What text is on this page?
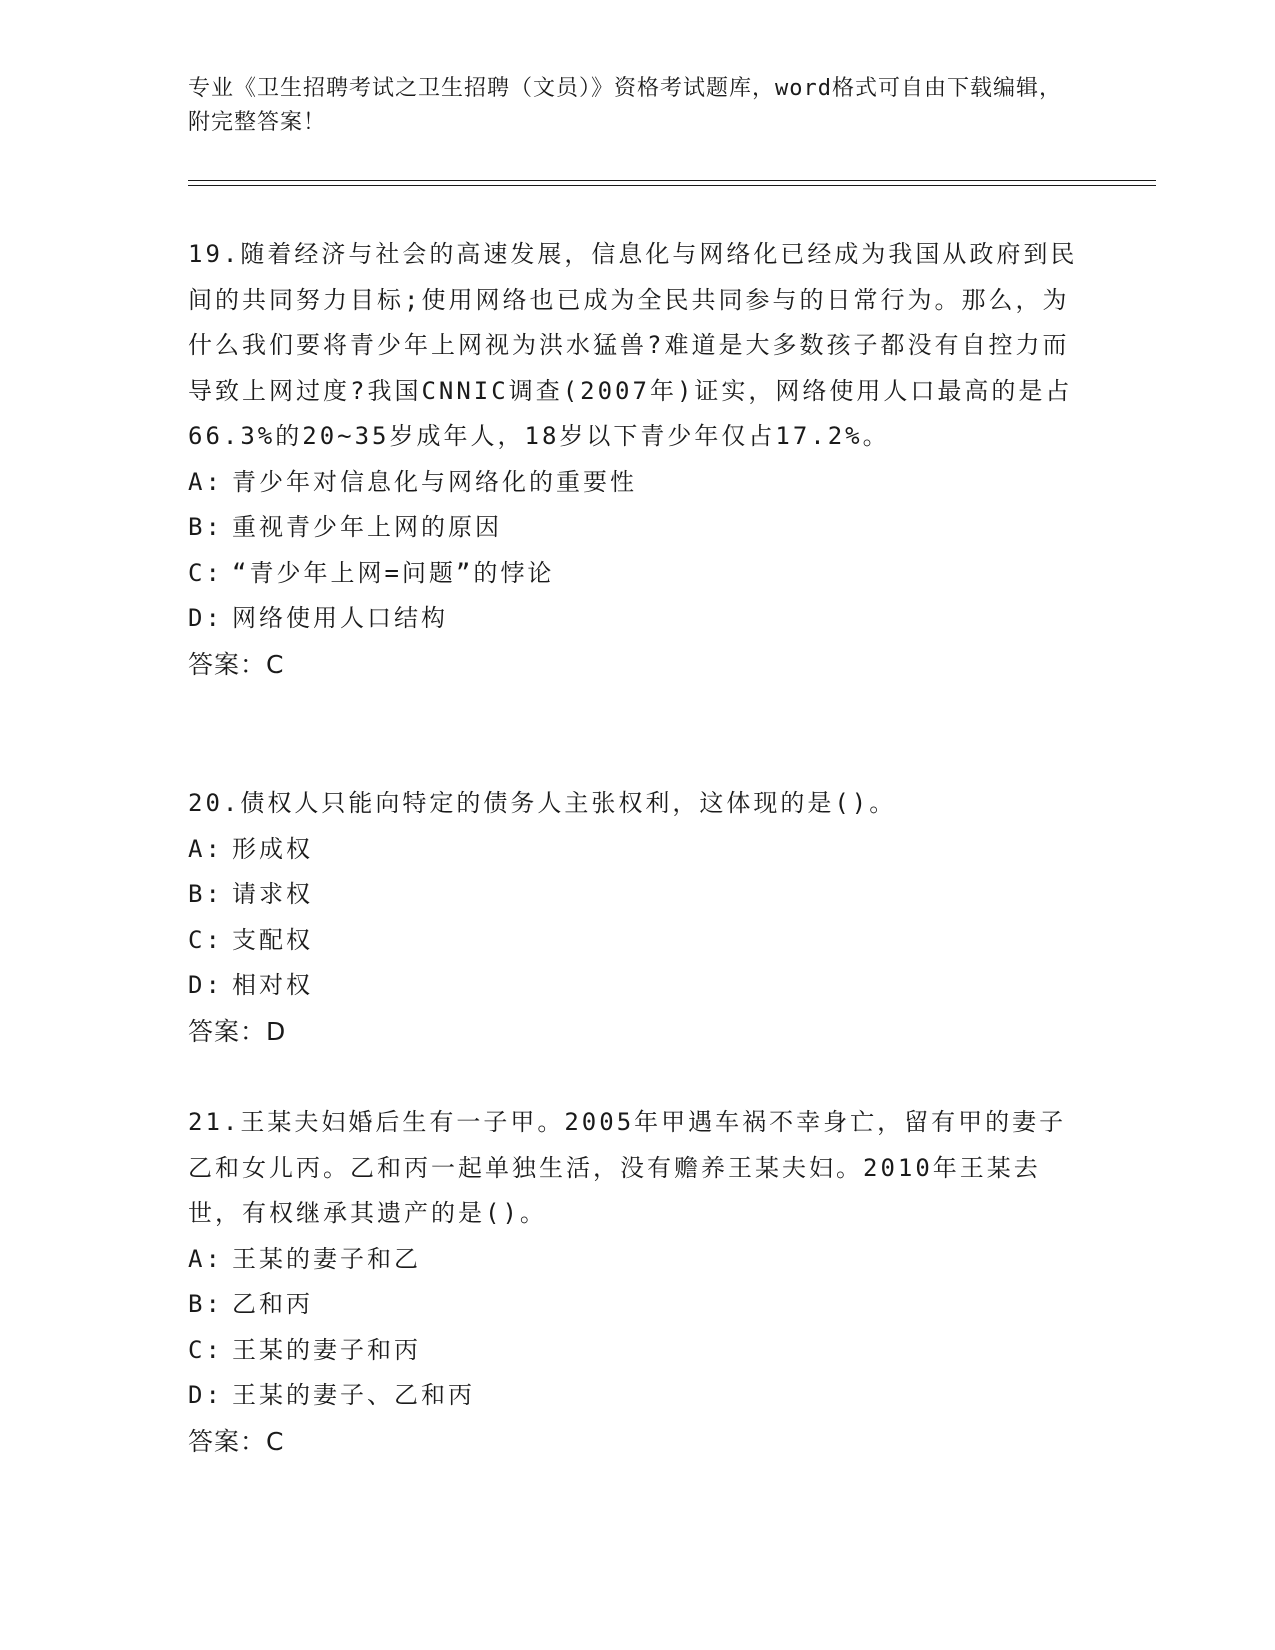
专业《卫生招聘考试之卫生招聘（文员）》资格考试题库，word格式可自由下载编辑，附完整答案！

19.随着经济与社会的高速发展，信息化与网络化已经成为我国从政府到民间的共同努力目标;使用网络也已成为全民共同参与的日常行为。那么，为什么我们要将青少年上网视为洪水猛兽?难道是大多数孩子都没有自控力而导致上网过度?我国CNNIC调查(2007年)证实，网络使用人口最高的是占66.3%的20~35岁成年人，18岁以下青少年仅占17.2%。

A: 青少年对信息化与网络化的重要性

B: 重视青少年上网的原因

C: “青少年上网=问题”的悖论

D: 网络使用人口结构

答案：C

20.债权人只能向特定的债务人主张权利，这体现的是()。

A: 形成权

B: 请求权

C: 支配权

D: 相对权

答案：D

21.王某夫妇婚后生有一子甲。2005年甲遇车祸不幸身亡，留有甲的妻子乙和女儿丙。乙和丙一起单独生活，没有赡养王某夫妇。2010年王某去世，有权继承其遗产的是()。

A: 王某的妻子和乙

B: 乙和丙

C: 王某的妻子和丙

D: 王某的妻子、乙和丙

答案：C
